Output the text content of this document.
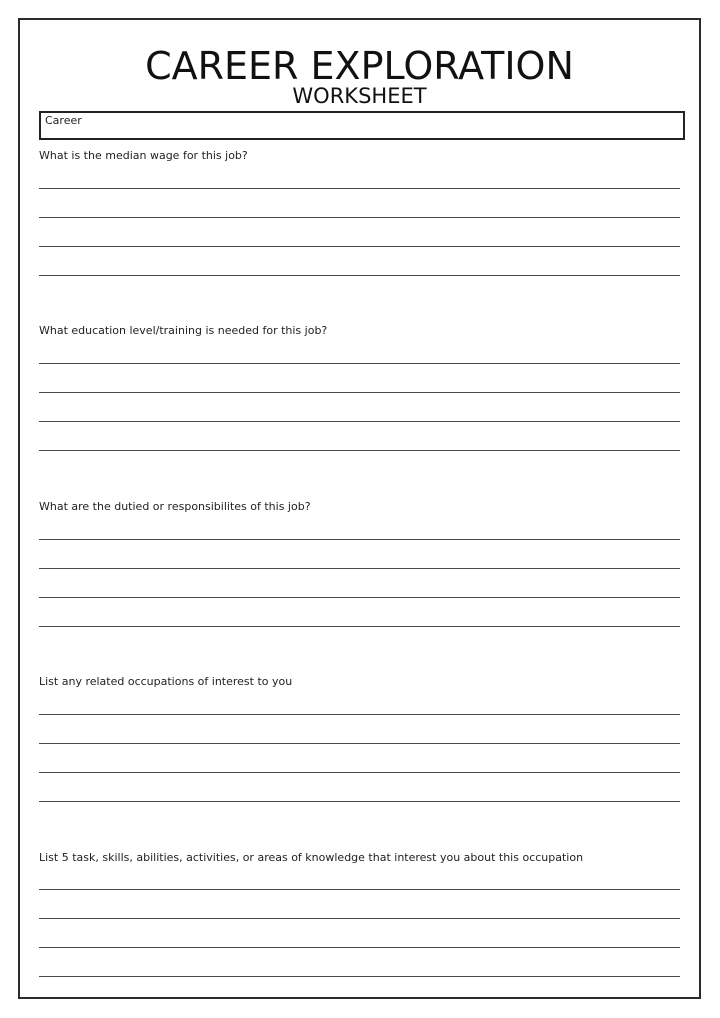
CAREER EXPLORATION
WORKSHEET
Career
What is the median wage for this job?
What education level/training is needed for this job?
What are the dutied or responsibilites of this job?
List any related occupations of interest to you
List 5 task, skills, abilities, activities, or areas of knowledge that interest you about this occupation
